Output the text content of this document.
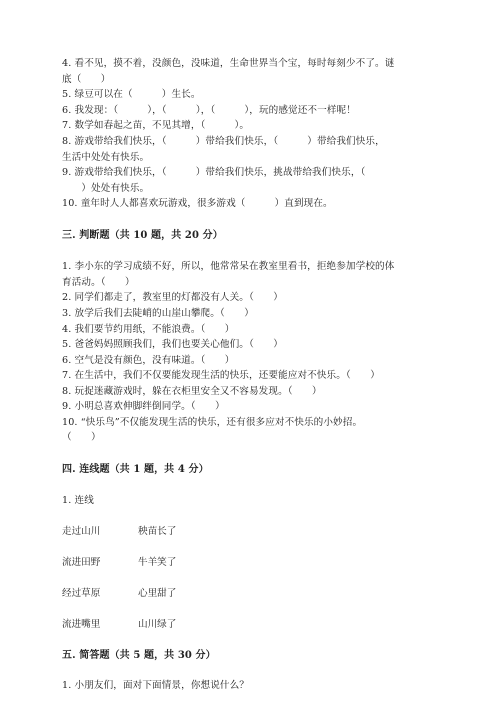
4. 看不见，摸不着，没颜色，没味道，生命世界当个宝，每时每刻少不了。谜
底（　　）
5. 绿豆可以在（　　　）生长。
6. 我发现：（　　　），（　　　），（　　　），玩的感觉还不一样呢！
7. 数学如春起之苗，不见其增，（　　　）。
8. 游戏带给我们快乐，（　　　）带给我们快乐，（　　　）带给我们快乐，
生活中处处有快乐。
9. 游戏带给我们快乐，（　　　）带给我们快乐，挑战带给我们快乐，（
　　）处处有快乐。
10. 童年时人人都喜欢玩游戏，很多游戏（　　　）直到现在。
三. 判断题（共 10 题，共 20 分）
1. 李小东的学习成绩不好，所以，他常常呆在教室里看书，拒绝参加学校的体
育活动。（　　）
2. 同学们都走了，教室里的灯都没有人关。（　　）
3. 放学后我们去陡峭的山崖山攀爬。（　　）
4. 我们要节约用纸，不能浪费。（　　）
5. 爸爸妈妈照顾我们，我们也要关心他们。（　　）
6. 空气是没有颜色，没有味道。（　　）
7. 在生活中，我们不仅要能发现生活的快乐，还要能应对不快乐。（　　）
8. 玩捉迷藏游戏时，躲在衣柜里安全又不容易发现。（　　）
9. 小明总喜欢伸脚绊倒同学。（　　）
10. “快乐鸟”不仅能发现生活的快乐，还有很多应对不快乐的小妙招。
（　　）
四. 连线题（共 1 题，共 4 分）
1. 连线
走过山川	秧苗长了
流进田野	牛羊笑了
经过草原	心里甜了
流进嘴里	山川绿了
五. 简答题（共 5 题，共 30 分）
1. 小朋友们，面对下面情景，你想说什么？
